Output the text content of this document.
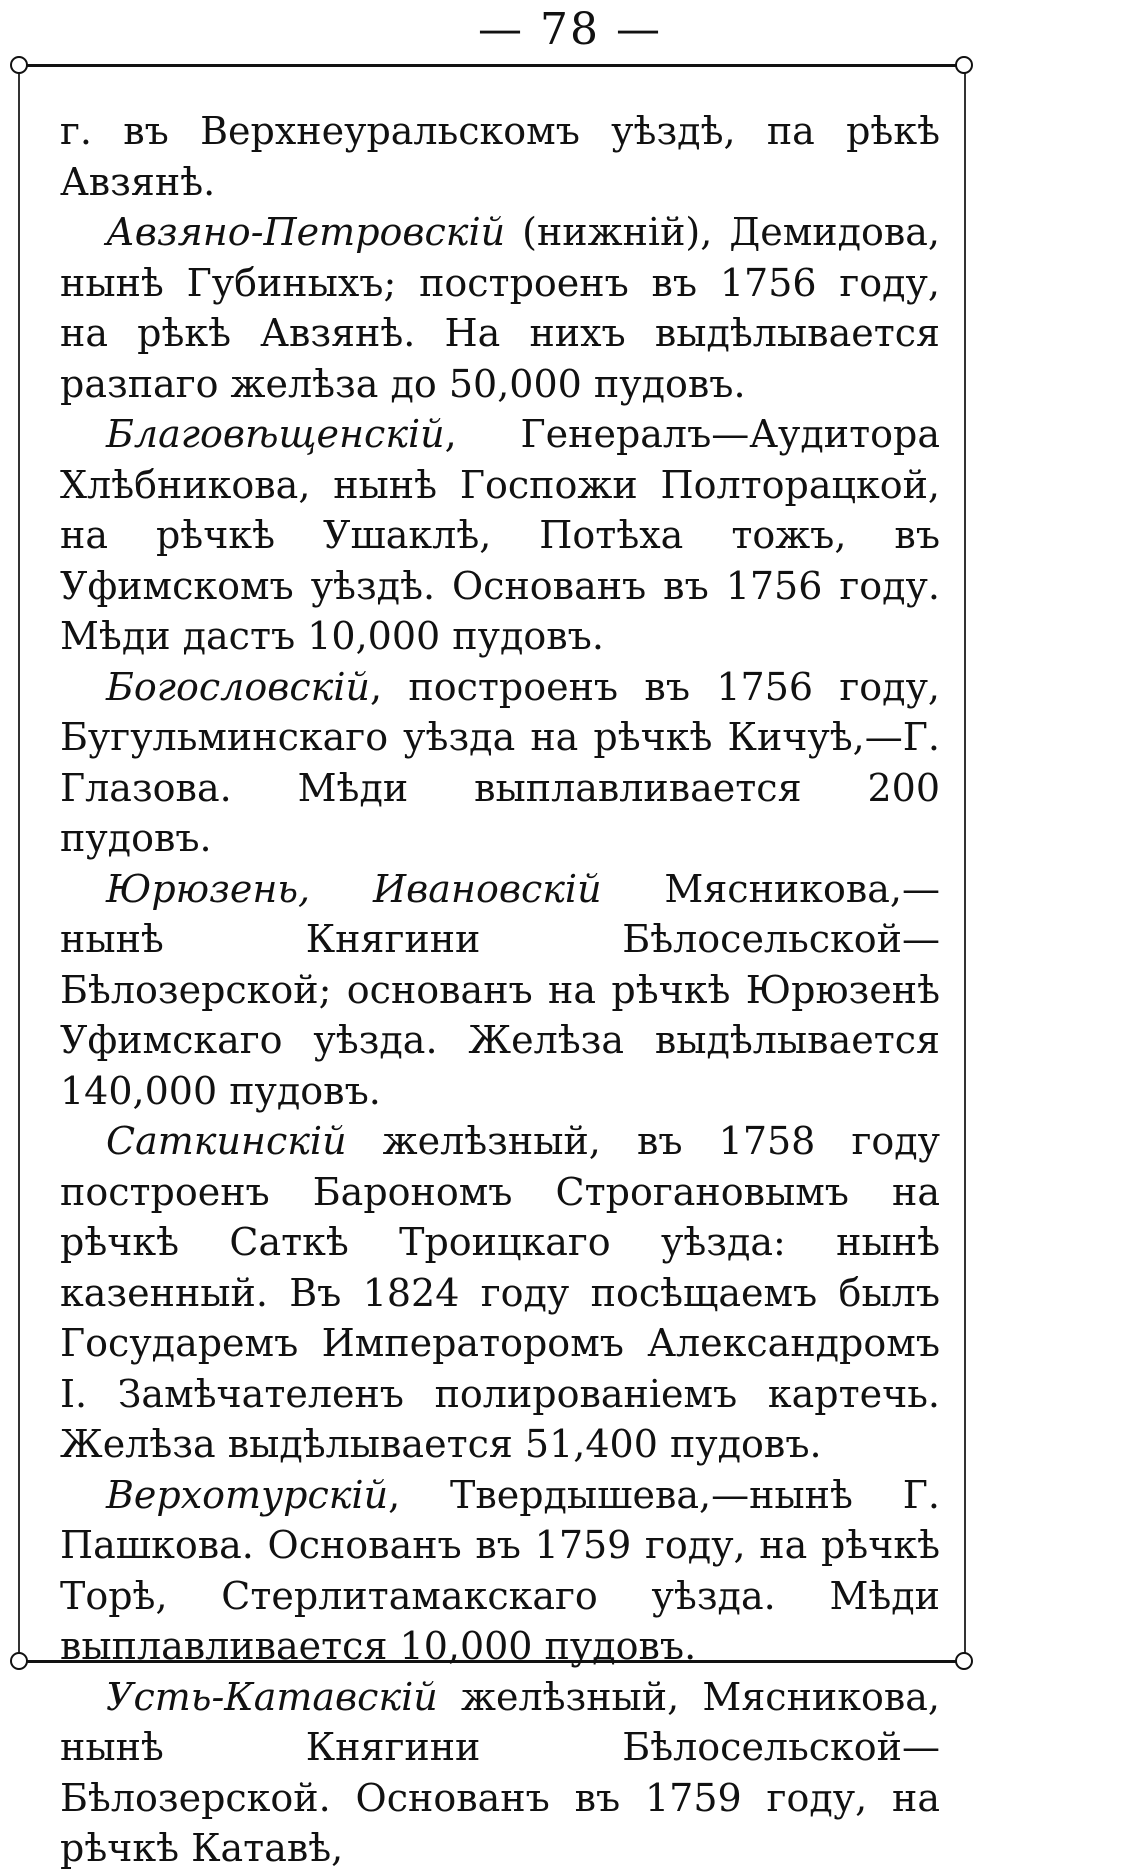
— 78 —

г. въ Верхнеуральскомъ уѣздѣ, па рѣкѣ Авзянѣ.

Авзяно-Петровскій (нижній), Демидова, нынѣ Губиныхъ; построенъ въ 1756 году, на рѣкѣ Авзянѣ. На нихъ выдѣлывается разпаго желѣза до 50,000 пудовъ.

Благовѣщенскій, Генералъ—Аудитора Хлѣбникова, нынѣ Госпожи Полторацкой, на рѣчкѣ Ушаклѣ, Потѣха тожъ, въ Уфимскомъ уѣздѣ. Основанъ въ 1756 году. Мѣди дастъ 10,000 пудовъ.

Богословскій, построенъ въ 1756 году, Бугульминскаго уѣзда на рѣчкѣ Кичуѣ,—Г. Глазова. Мѣди выплавливается 200 пудовъ.

Юрюзень, Ивановскій Мясникова,—нынѣ Княгини Бѣлосельской—Бѣлозерской; основанъ на рѣчкѣ Юрюзенѣ Уфимскаго уѣзда. Желѣза выдѣлывается 140,000 пудовъ.

Саткинскій желѣзный, въ 1758 году построенъ Барономъ Строгановымъ на рѣчкѣ Саткѣ Троицкаго уѣзда: нынѣ казенный. Въ 1824 году посѣщаемъ былъ Государемъ Императоромъ Александромъ I. Замѣчателенъ полированіемъ картечь. Желѣза выдѣлывается 51,400 пудовъ.

Верхотурскій, Твердышева,—нынѣ Г. Пашкова. Основанъ въ 1759 году, на рѣчкѣ Торѣ, Стерлитамакскаго уѣзда. Мѣди выплавливается 10,000 пудовъ.

Усть-Катавскій желѣзный, Мясникова, нынѣ Княгини Бѣлосельской—Бѣлозерской. Основанъ въ 1759 году, на рѣчкѣ Катавѣ,
